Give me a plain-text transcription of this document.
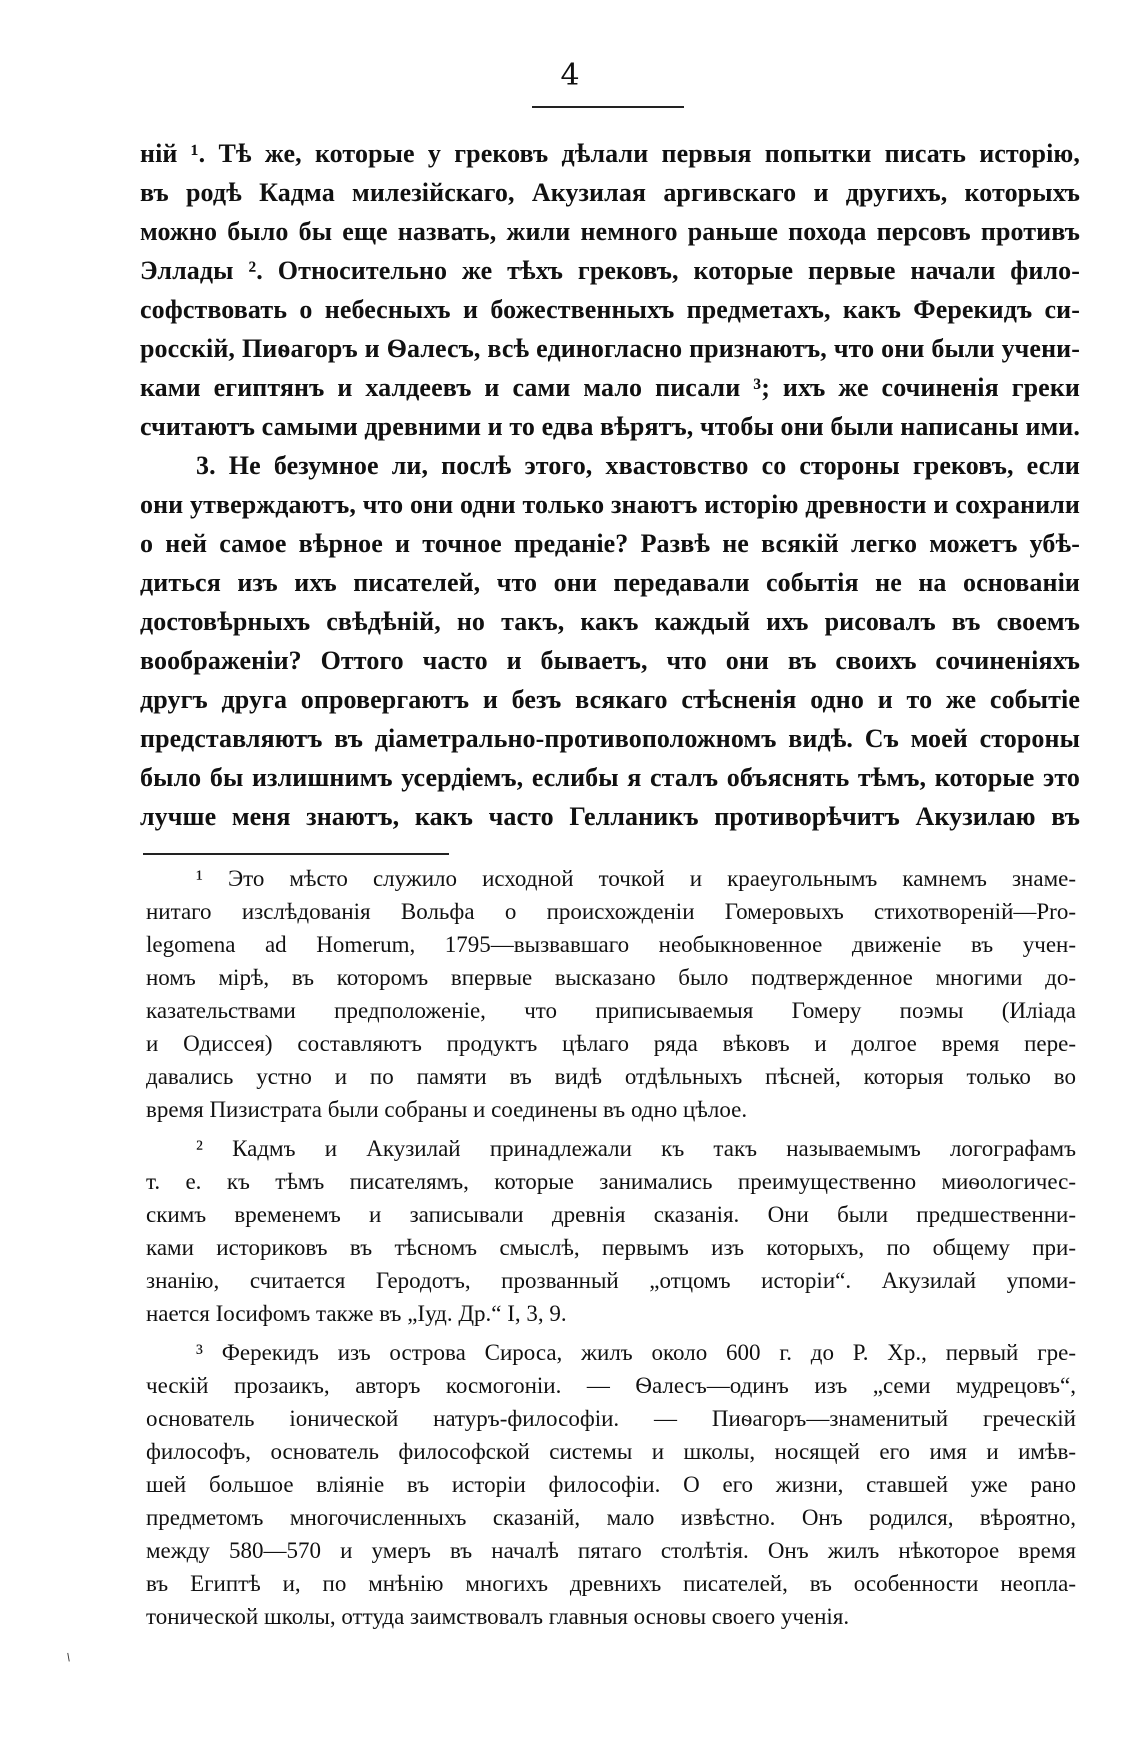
4
ній ¹. Тѣ же, которые у грековъ дѣлали первыя попытки писать исторію,
въ родѣ Кадма милезійскаго, Акузилая аргивскаго и другихъ, которыхъ
можно было бы еще назвать, жили немного раньше похода персовъ противъ
Эллады ². Относительно же тѣхъ грековъ, которые первые начали фило-
софствовать о небесныхъ и божественныхъ предметахъ, какъ Ферекидъ си-
росскій, Пиѳагоръ и Ѳалесъ, всѣ единогласно признаютъ, что они были учени-
ками египтянъ и халдеевъ и сами мало писали ³; ихъ же сочиненія греки
считаютъ самыми древними и то едва вѣрятъ, чтобы они были написаны ими.
3. Не безумное ли, послѣ этого, хвастовство со стороны грековъ, если
они утверждаютъ, что они одни только знаютъ исторію древности и сохранили
о ней самое вѣрное и точное преданіе? Развѣ не всякій легко можетъ убѣ-
диться изъ ихъ писателей, что они передавали событія не на основаніи
достовѣрныхъ свѣдѣній, но такъ, какъ каждый ихъ рисовалъ въ своемъ
воображеніи? Оттого часто и бываетъ, что они въ своихъ сочиненіяхъ
другъ друга опровергаютъ и безъ всякаго стѣсненія одно и то же событіе
представляютъ въ діаметрально-противоположномъ видѣ. Съ моей стороны
было бы излишнимъ усердіемъ, еслибы я сталъ объяснять тѣмъ, которые это
лучше меня знаютъ, какъ часто Гелланикъ противорѣчитъ Акузилаю въ
¹ Это мѣсто служило исходной точкой и краеугольнымъ камнемъ знаме-
нитаго изслѣдованія Вольфа о происхожденіи Гомеровыхъ стихотвореній—Pro-
legomena ad Homerum, 1795—вызвавшаго необыкновенное движеніе въ учен-
номъ мірѣ, въ которомъ впервые высказано было подтвержденное многими до-
казательствами предположеніе, что приписываемыя Гомеру поэмы (Иліада
и Одиссея) составляютъ продуктъ цѣлаго ряда вѣковъ и долгое время пере-
давались устно и по памяти въ видѣ отдѣльныхъ пѣсней, которыя только во
время Пизистрата были собраны и соединены въ одно цѣлое.
² Кадмъ и Акузилай принадлежали къ такъ называемымъ логографамъ
т. е. къ тѣмъ писателямъ, которые занимались преимущественно миѳологичес-
скимъ временемъ и записывали древнія сказанія. Они были предшественни-
ками историковъ въ тѣсномъ смыслѣ, первымъ изъ которыхъ, по общему при-
знанію, считается Геродотъ, прозванный „отцомъ исторіи“. Акузилай упоми-
нается Іосифомъ также въ „Іуд. Др.“ I, 3, 9.
³ Ферекидъ изъ острова Сироса, жилъ около 600 г. до Р. Хр., первый гре-
ческій прозаикъ, авторъ космогоніи. — Ѳалесъ—одинъ изъ „семи мудрецовъ“,
основатель іонической натуръ-философіи. — Пиѳагоръ—знаменитый греческій
философъ, основатель философской системы и школы, носящей его имя и имѣв-
шей большое вліяніе въ исторіи философіи. О его жизни, ставшей уже рано
предметомъ многочисленныхъ сказаній, мало извѣстно. Онъ родился, вѣроятно,
между 580—570 и умеръ въ началѣ пятаго столѣтія. Онъ жилъ нѣкоторое время
въ Египтѣ и, по мнѣнію многихъ древнихъ писателей, въ особенности неопла-
тонической школы, оттуда заимствовалъ главныя основы своего ученія.
⸌
